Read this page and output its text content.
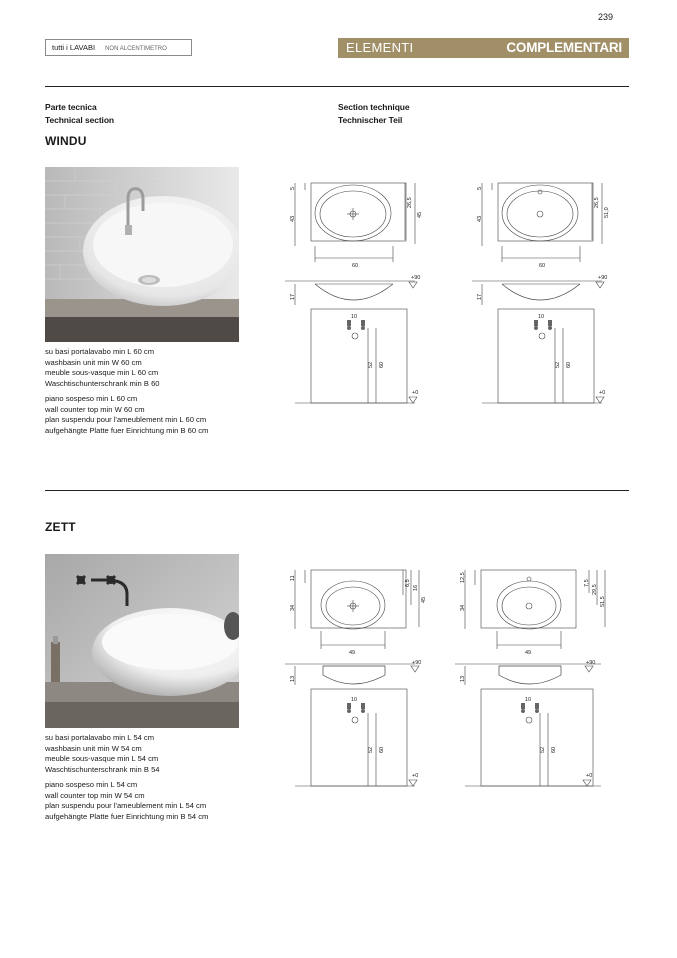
239
tutti i LAVABI NON ALCENTIMETRO	ELEMENTI	COMPLEMENTARI
Parte tecnica
Technical section
Section technique
Technischer Teil
WINDU
su basi portalavabo min L 60 cm
washbasin unit min W 60 cm
meuble sous-vasque min L 60 cm
Waschtischunterschrank min B 60
piano sospeso min L 60 cm
wall counter top min W 60 cm
plan suspendu pour l'ameublement min L 60 cm
aufgehängte Platte fuer Einrichtung min B 60 cm
5
43
26,5
45
60
17
10
52 60
+90
+0
5
43
26,5
51,0
60
17
10
52 60
+90
+0
ZETT
su basi portalavabo min L 54 cm
washbasin unit min W 54 cm
meuble sous-vasque min L 54 cm
Waschtischunterschrank min B 54
piano sospeso min L 54 cm
wall counter top min W 54 cm
plan suspendu pour l'ameublement min L 54 cm
aufgehängte Platte fuer Einrichtung min B 54 cm
11
34
6,5
16
45
49
13
10
52 60
+90
+0
12,5
34
7,5
29,5
51,5
49
13
10
52 60
+90
+0
